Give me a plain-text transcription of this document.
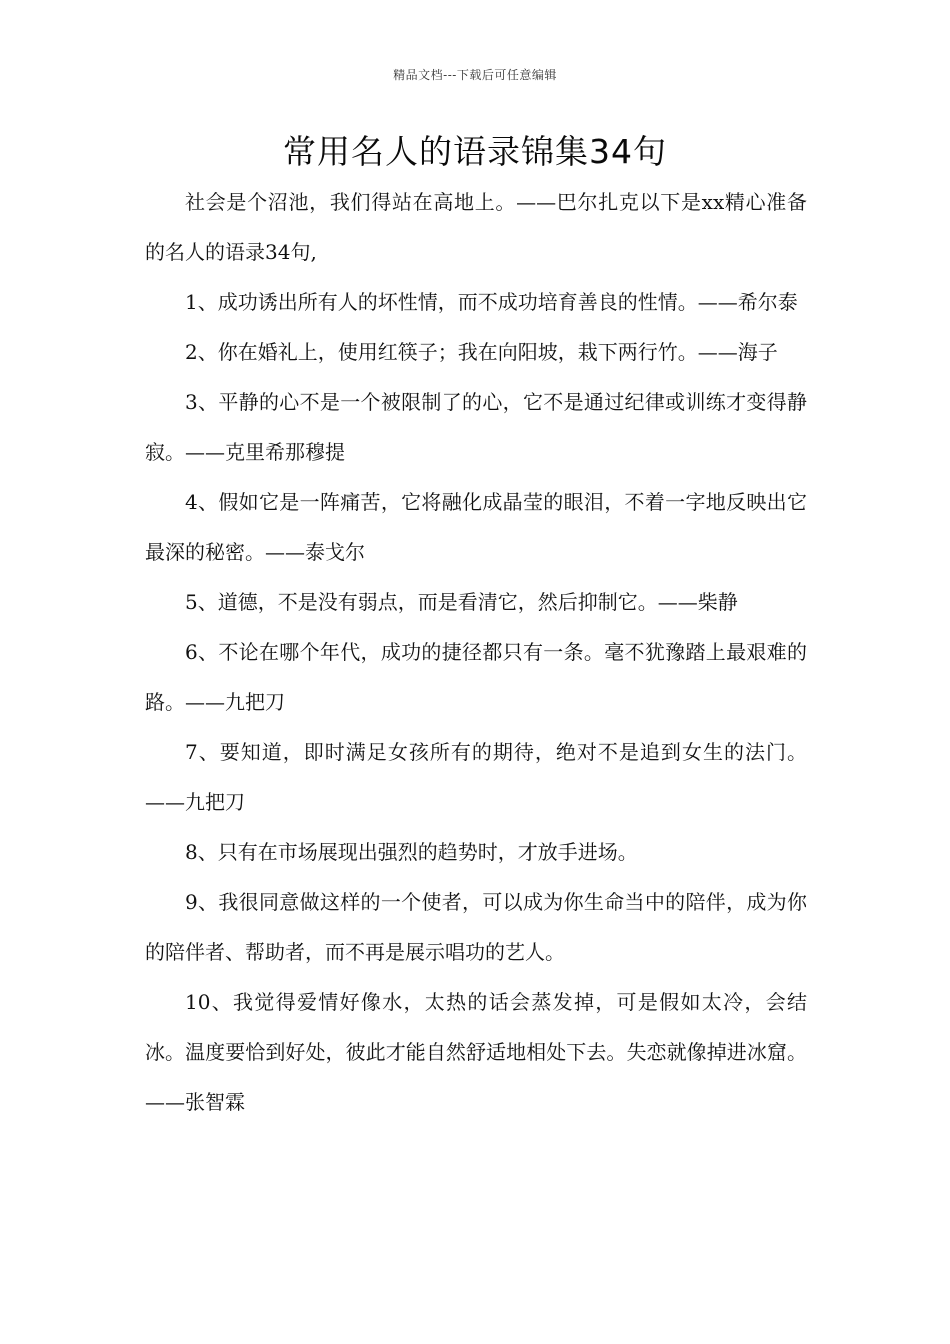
精品文档---下载后可任意编辑
常用名人的语录锦集34句

社会是个沼池，我们得站在高地上。——巴尔扎克以下是xx精心准备的名人的语录34句,

1、成功诱出所有人的坏性情，而不成功培育善良的性情。——希尔泰

2、你在婚礼上，使用红筷子；我在向阳坡，栽下两行竹。——海子

3、平静的心不是一个被限制了的心，它不是通过纪律或训练才变得静寂。——克里希那穆提

4、假如它是一阵痛苦，它将融化成晶莹的眼泪，不着一字地反映出它最深的秘密。——泰戈尔

5、道德，不是没有弱点，而是看清它，然后抑制它。——柴静

6、不论在哪个年代，成功的捷径都只有一条。毫不犹豫踏上最艰难的路。——九把刀

7、要知道，即时满足女孩所有的期待，绝对不是追到女生的法门。——九把刀

8、只有在市场展现出强烈的趋势时，才放手进场。

9、我很同意做这样的一个使者，可以成为你生命当中的陪伴，成为你的陪伴者、帮助者，而不再是展示唱功的艺人。

10、我觉得爱情好像水，太热的话会蒸发掉，可是假如太冷，会结冰。温度要恰到好处，彼此才能自然舒适地相处下去。失恋就像掉进冰窟。——张智霖
